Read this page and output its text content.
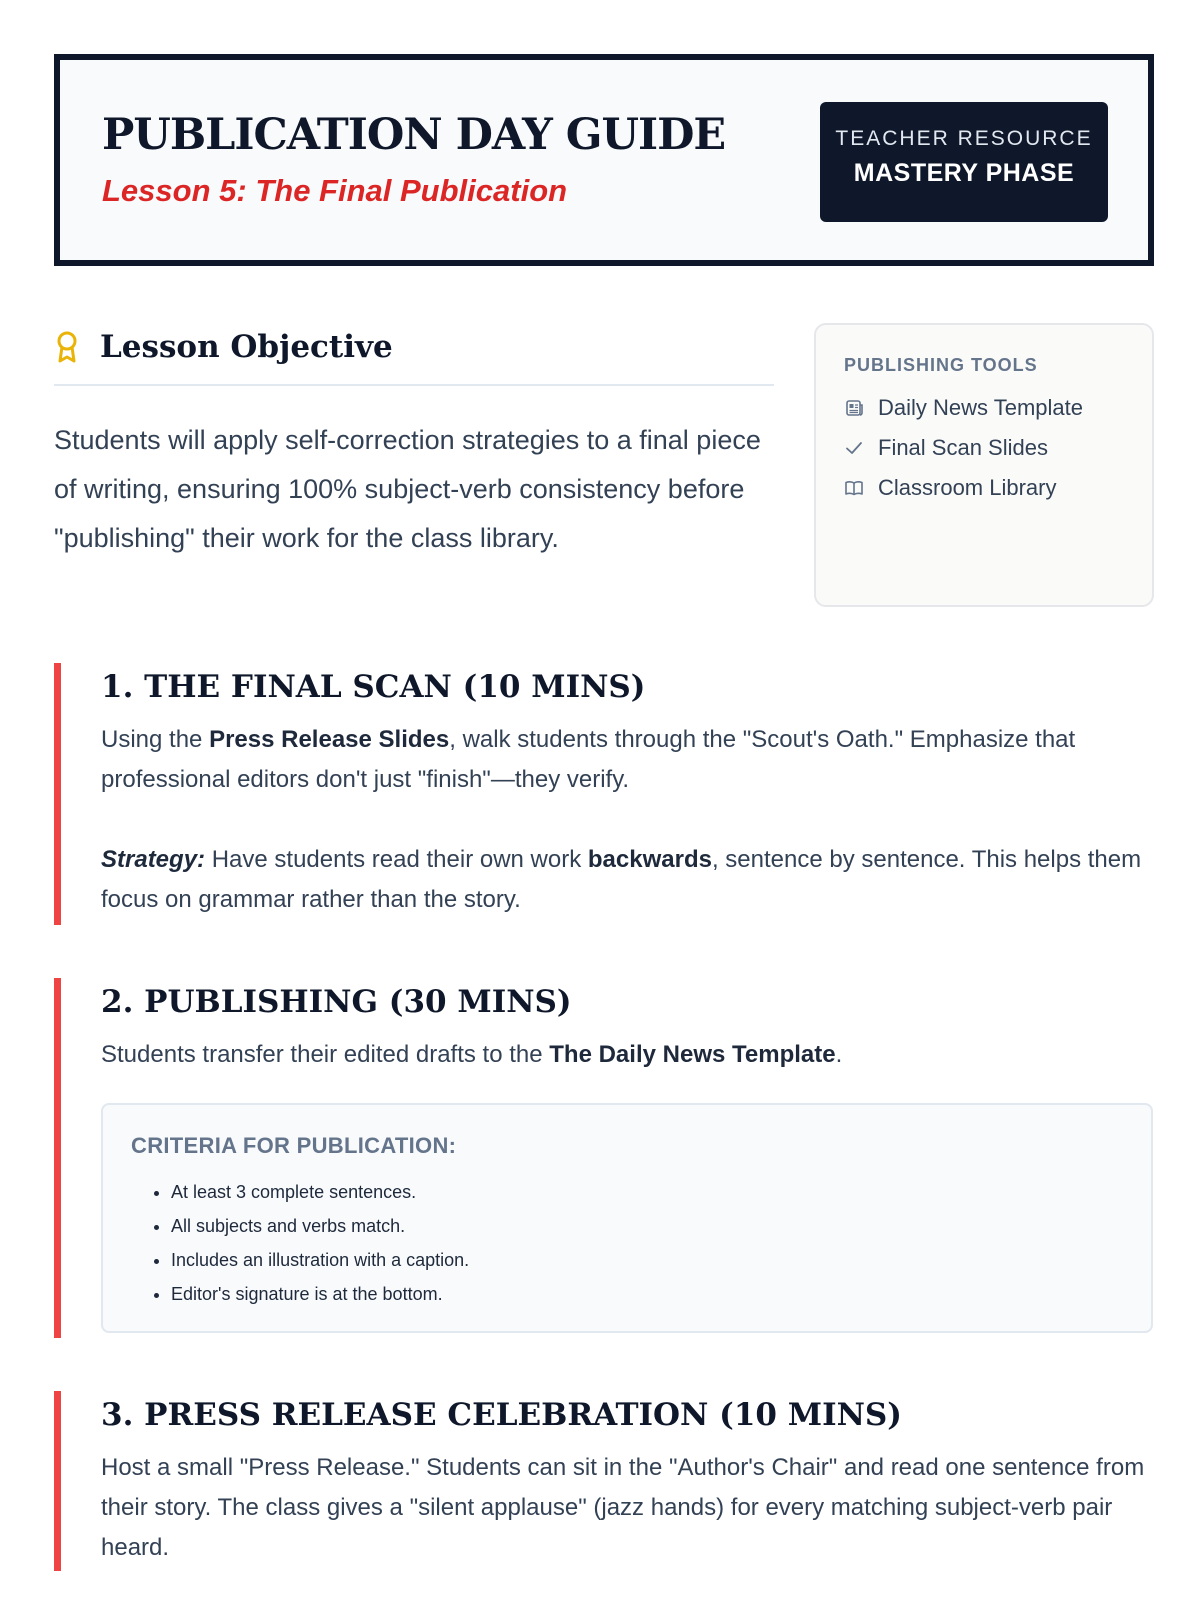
PUBLICATION DAY GUIDE
Lesson 5: The Final Publication
TEACHER RESOURCE
MASTERY PHASE
Lesson Objective

Students will apply self-correction strategies to a final piece of writing, ensuring 100% subject-verb consistency before "publishing" their work for the class library.

PUBLISHING TOOLS
Daily News Template
Final Scan Slides
Classroom Library
1. THE FINAL SCAN (10 MINS)

Using the Press Release Slides, walk students through the "Scout's Oath." Emphasize that professional editors don't just "finish"—they verify.

Strategy: Have students read their own work backwards, sentence by sentence. This helps them focus on grammar rather than the story.

2. PUBLISHING (30 MINS)

Students transfer their edited drafts to the The Daily News Template.

CRITERIA FOR PUBLICATION:
• At least 3 complete sentences.
• All subjects and verbs match.
• Includes an illustration with a caption.
• Editor's signature is at the bottom.
3. PRESS RELEASE CELEBRATION (10 MINS)

Host a small "Press Release." Students can sit in the "Author's Chair" and read one sentence from their story. The class gives a "silent applause" (jazz hands) for every matching subject-verb pair heard.
